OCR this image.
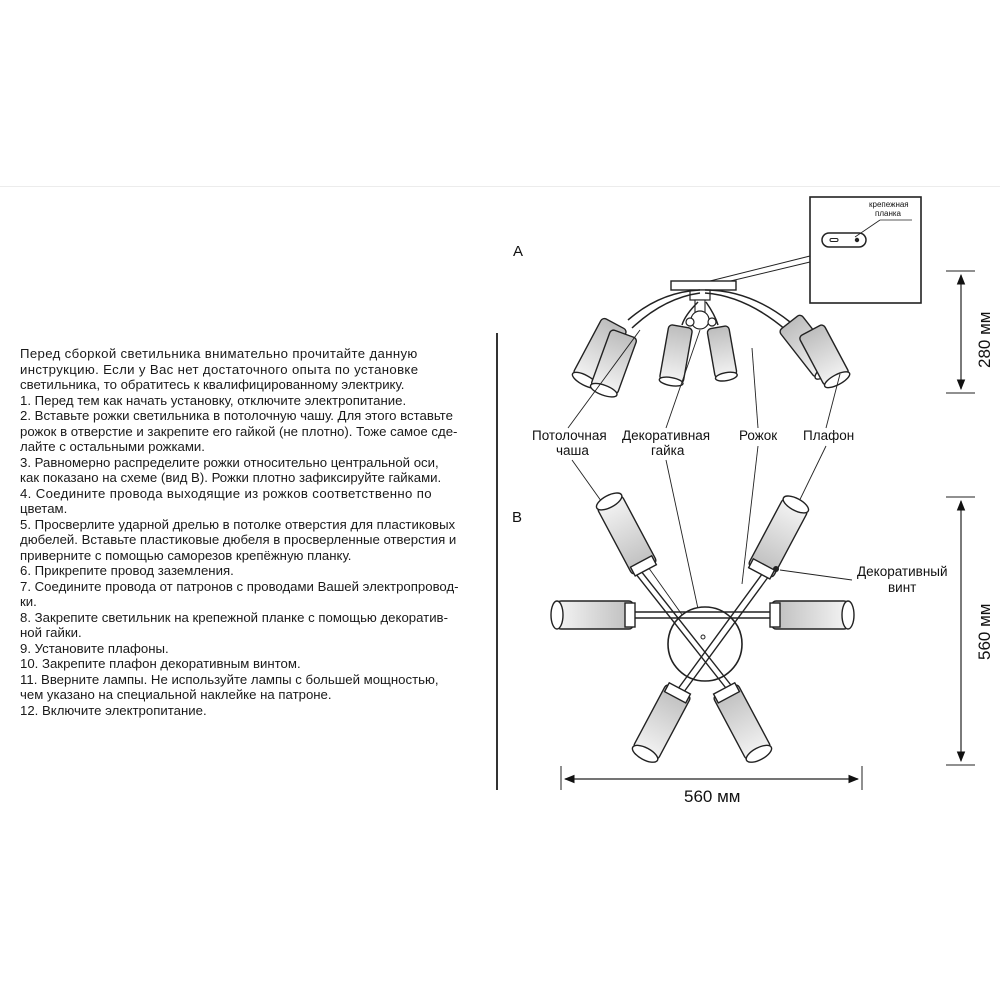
Перед сборкой светильника внимательно прочитайте данную
инструкцию. Если у Вас нет достаточного опыта по установке
светильника, то обратитесь к квалифицированному электрику.
1. Перед тем как начать установку, отключите электропитание.
2. Вставьте рожки светильника в потолочную чашу. Для этого вставьте
рожок в отверстие и закрепите его гайкой (не плотно). Тоже самое сде-
лайте с остальными рожками.
3. Равномерно распределите рожки относительно центральной оси,
как показано на схеме (вид В). Рожки плотно зафиксируйте гайками.
4. Соедините провода выходящие из рожков соответственно по
цветам.
5. Просверлите ударной дрелью в потолке отверстия для пластиковых
дюбелей. Вставьте пластиковые дюбеля в просверленные отверстия и
приверните с помощью саморезов крепёжную планку.
6. Прикрепите провод заземления.
7. Соедините провода от патронов с проводами Вашей электропровод-
ки.
8. Закрепите светильник на крепежной планке с помощью декоратив-
ной гайки.
9. Установите плафоны.
10. Закрепите плафон декоративным винтом.
11. Вверните лампы. Не используйте лампы с большей мощностью,
чем указано на специальной наклейке на патроне.
12. Включите электропитание.
А
крепежная
планка
280 мм
Потолочная
чаша
Декоративная
гайка
Рожок Плафон
В
Декоративный
винт
560 мм
560 мм
